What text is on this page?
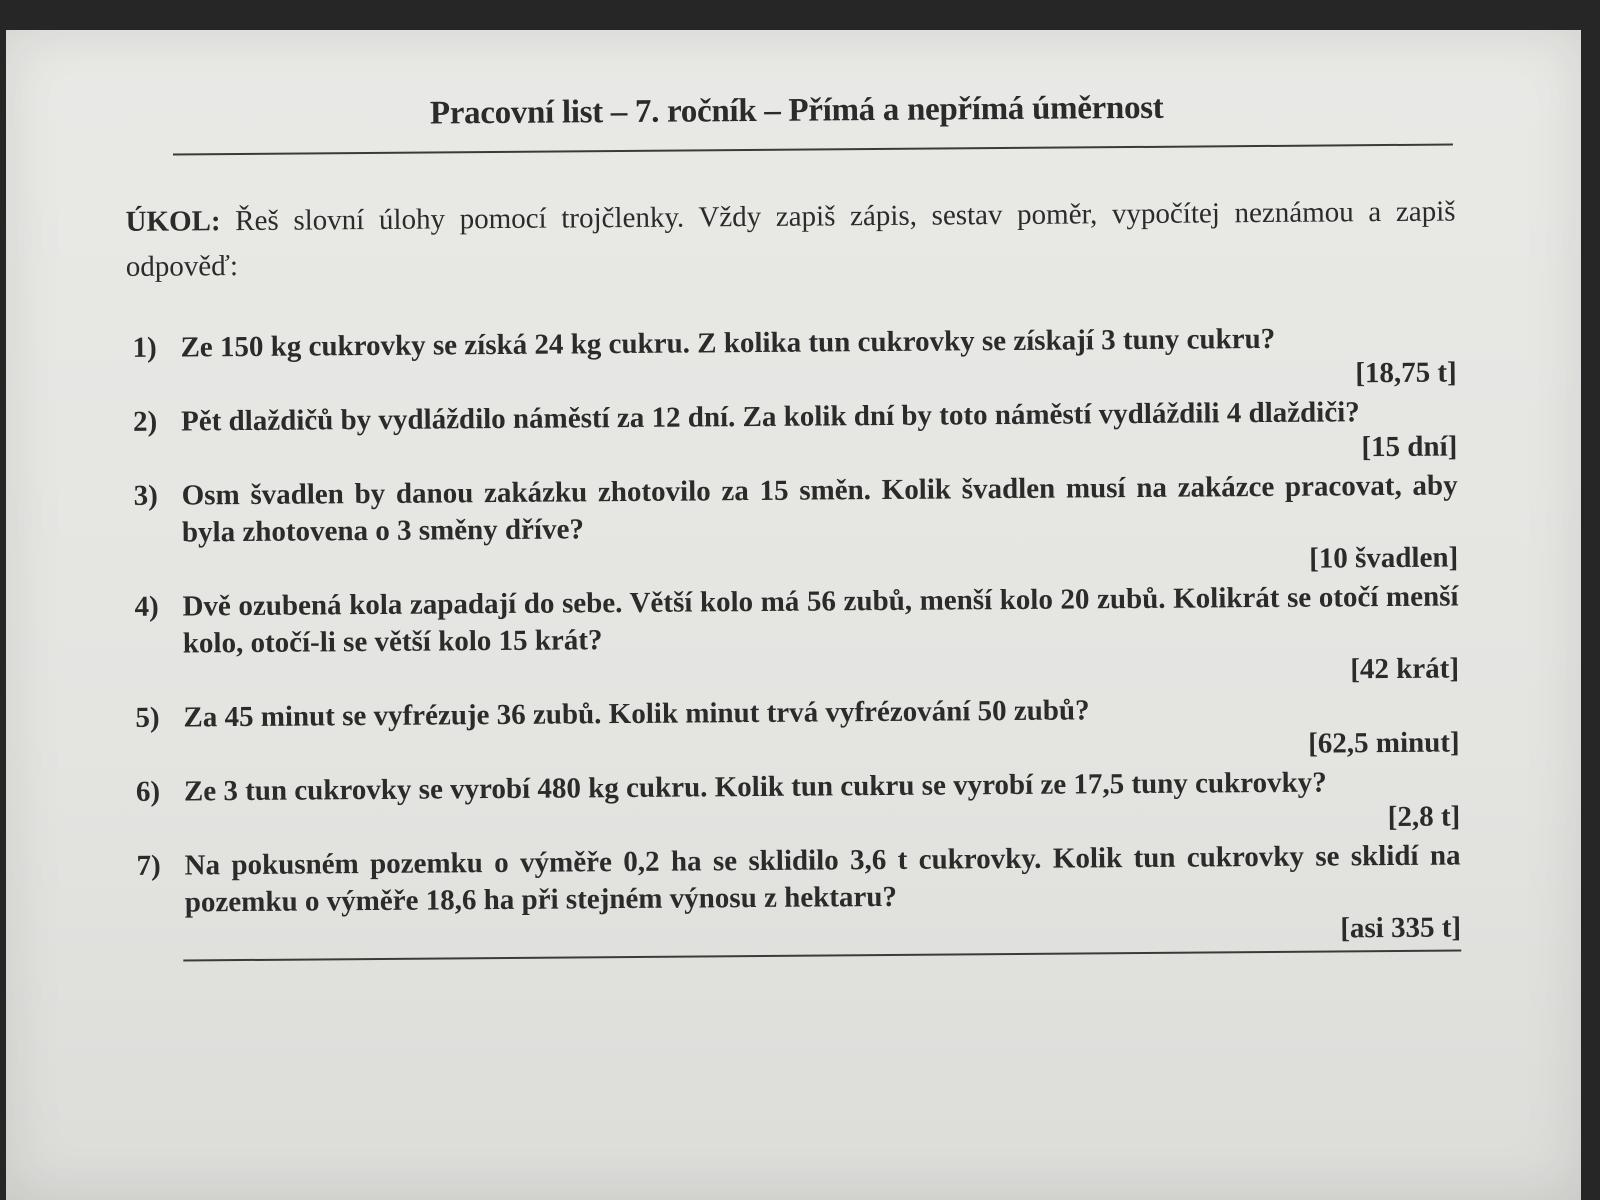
Pracovní list – 7. ročník – Přímá a nepřímá úměrnost
ÚKOL: Řeš slovní úlohy pomocí trojčlenky. Vždy zapiš zápis, sestav poměr, vypočítej neznámou a zapiš odpověď:
1) Ze 150 kg cukrovky se získá 24 kg cukru. Z kolika tun cukrovky se získají 3 tuny cukru?
[18,75 t]
2) Pět dlaždičů by vydláždilo náměstí za 12 dní. Za kolik dní by toto náměstí vydláždili 4 dlaždiči?
[15 dní]
3) Osm švadlen by danou zakázku zhotovilo za 15 směn. Kolik švadlen musí na zakázce pracovat, aby byla zhotovena o 3 směny dříve?
[10 švadlen]
4) Dvě ozubená kola zapadají do sebe. Větší kolo má 56 zubů, menší kolo 20 zubů. Kolikrát se otočí menší kolo, otočí-li se větší kolo 15 krát?
[42 krát]
5) Za 45 minut se vyfrézuje 36 zubů. Kolik minut trvá vyfrézování 50 zubů?
[62,5 minut]
6) Ze 3 tun cukrovky se vyrobí 480 kg cukru. Kolik tun cukru se vyrobí ze 17,5 tuny cukrovky?
[2,8 t]
7) Na pokusném pozemku o výměře 0,2 ha se sklidilo 3,6 t cukrovky. Kolik tun cukrovky se sklidí na pozemku o výměře 18,6 ha při stejném výnosu z hektaru?
[asi 335 t]
